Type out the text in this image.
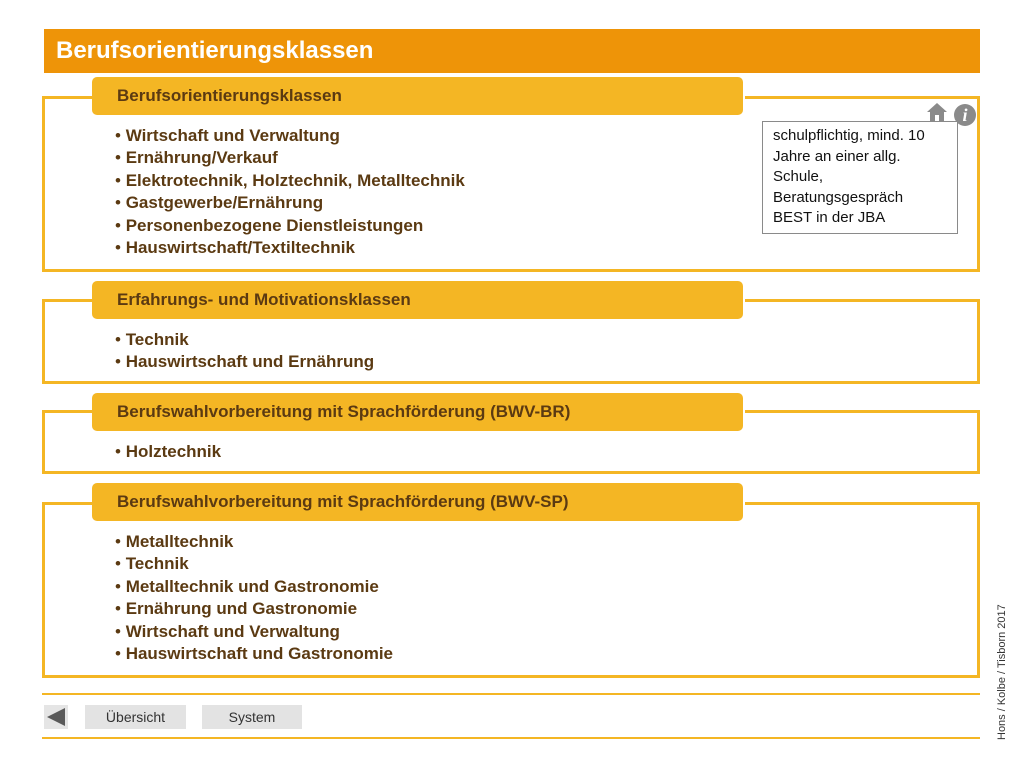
Berufsorientierungsklassen
Berufsorientierungsklassen
• Wirtschaft und Verwaltung
• Ernährung/Verkauf
• Elektrotechnik, Holztechnik, Metalltechnik
• Gastgewerbe/Ernährung
• Personenbezogene Dienstleistungen
• Hauswirtschaft/Textiltechnik
i
schulpflichtig, mind. 10
Jahre an einer allg.
Schule,
Beratungsgespräch
BEST in der JBA
Erfahrungs- und Motivationsklassen
• Technik
• Hauswirtschaft und Ernährung
Berufswahlvorbereitung mit Sprachförderung (BWV-BR)
• Holztechnik
Berufswahlvorbereitung mit Sprachförderung (BWV-SP)
• Metalltechnik
• Technik
• Metalltechnik und Gastronomie
• Ernährung und Gastronomie
• Wirtschaft und Verwaltung
• Hauswirtschaft und Gastronomie
Übersicht	System	Hons / Kolbe / Tisborn 2017
